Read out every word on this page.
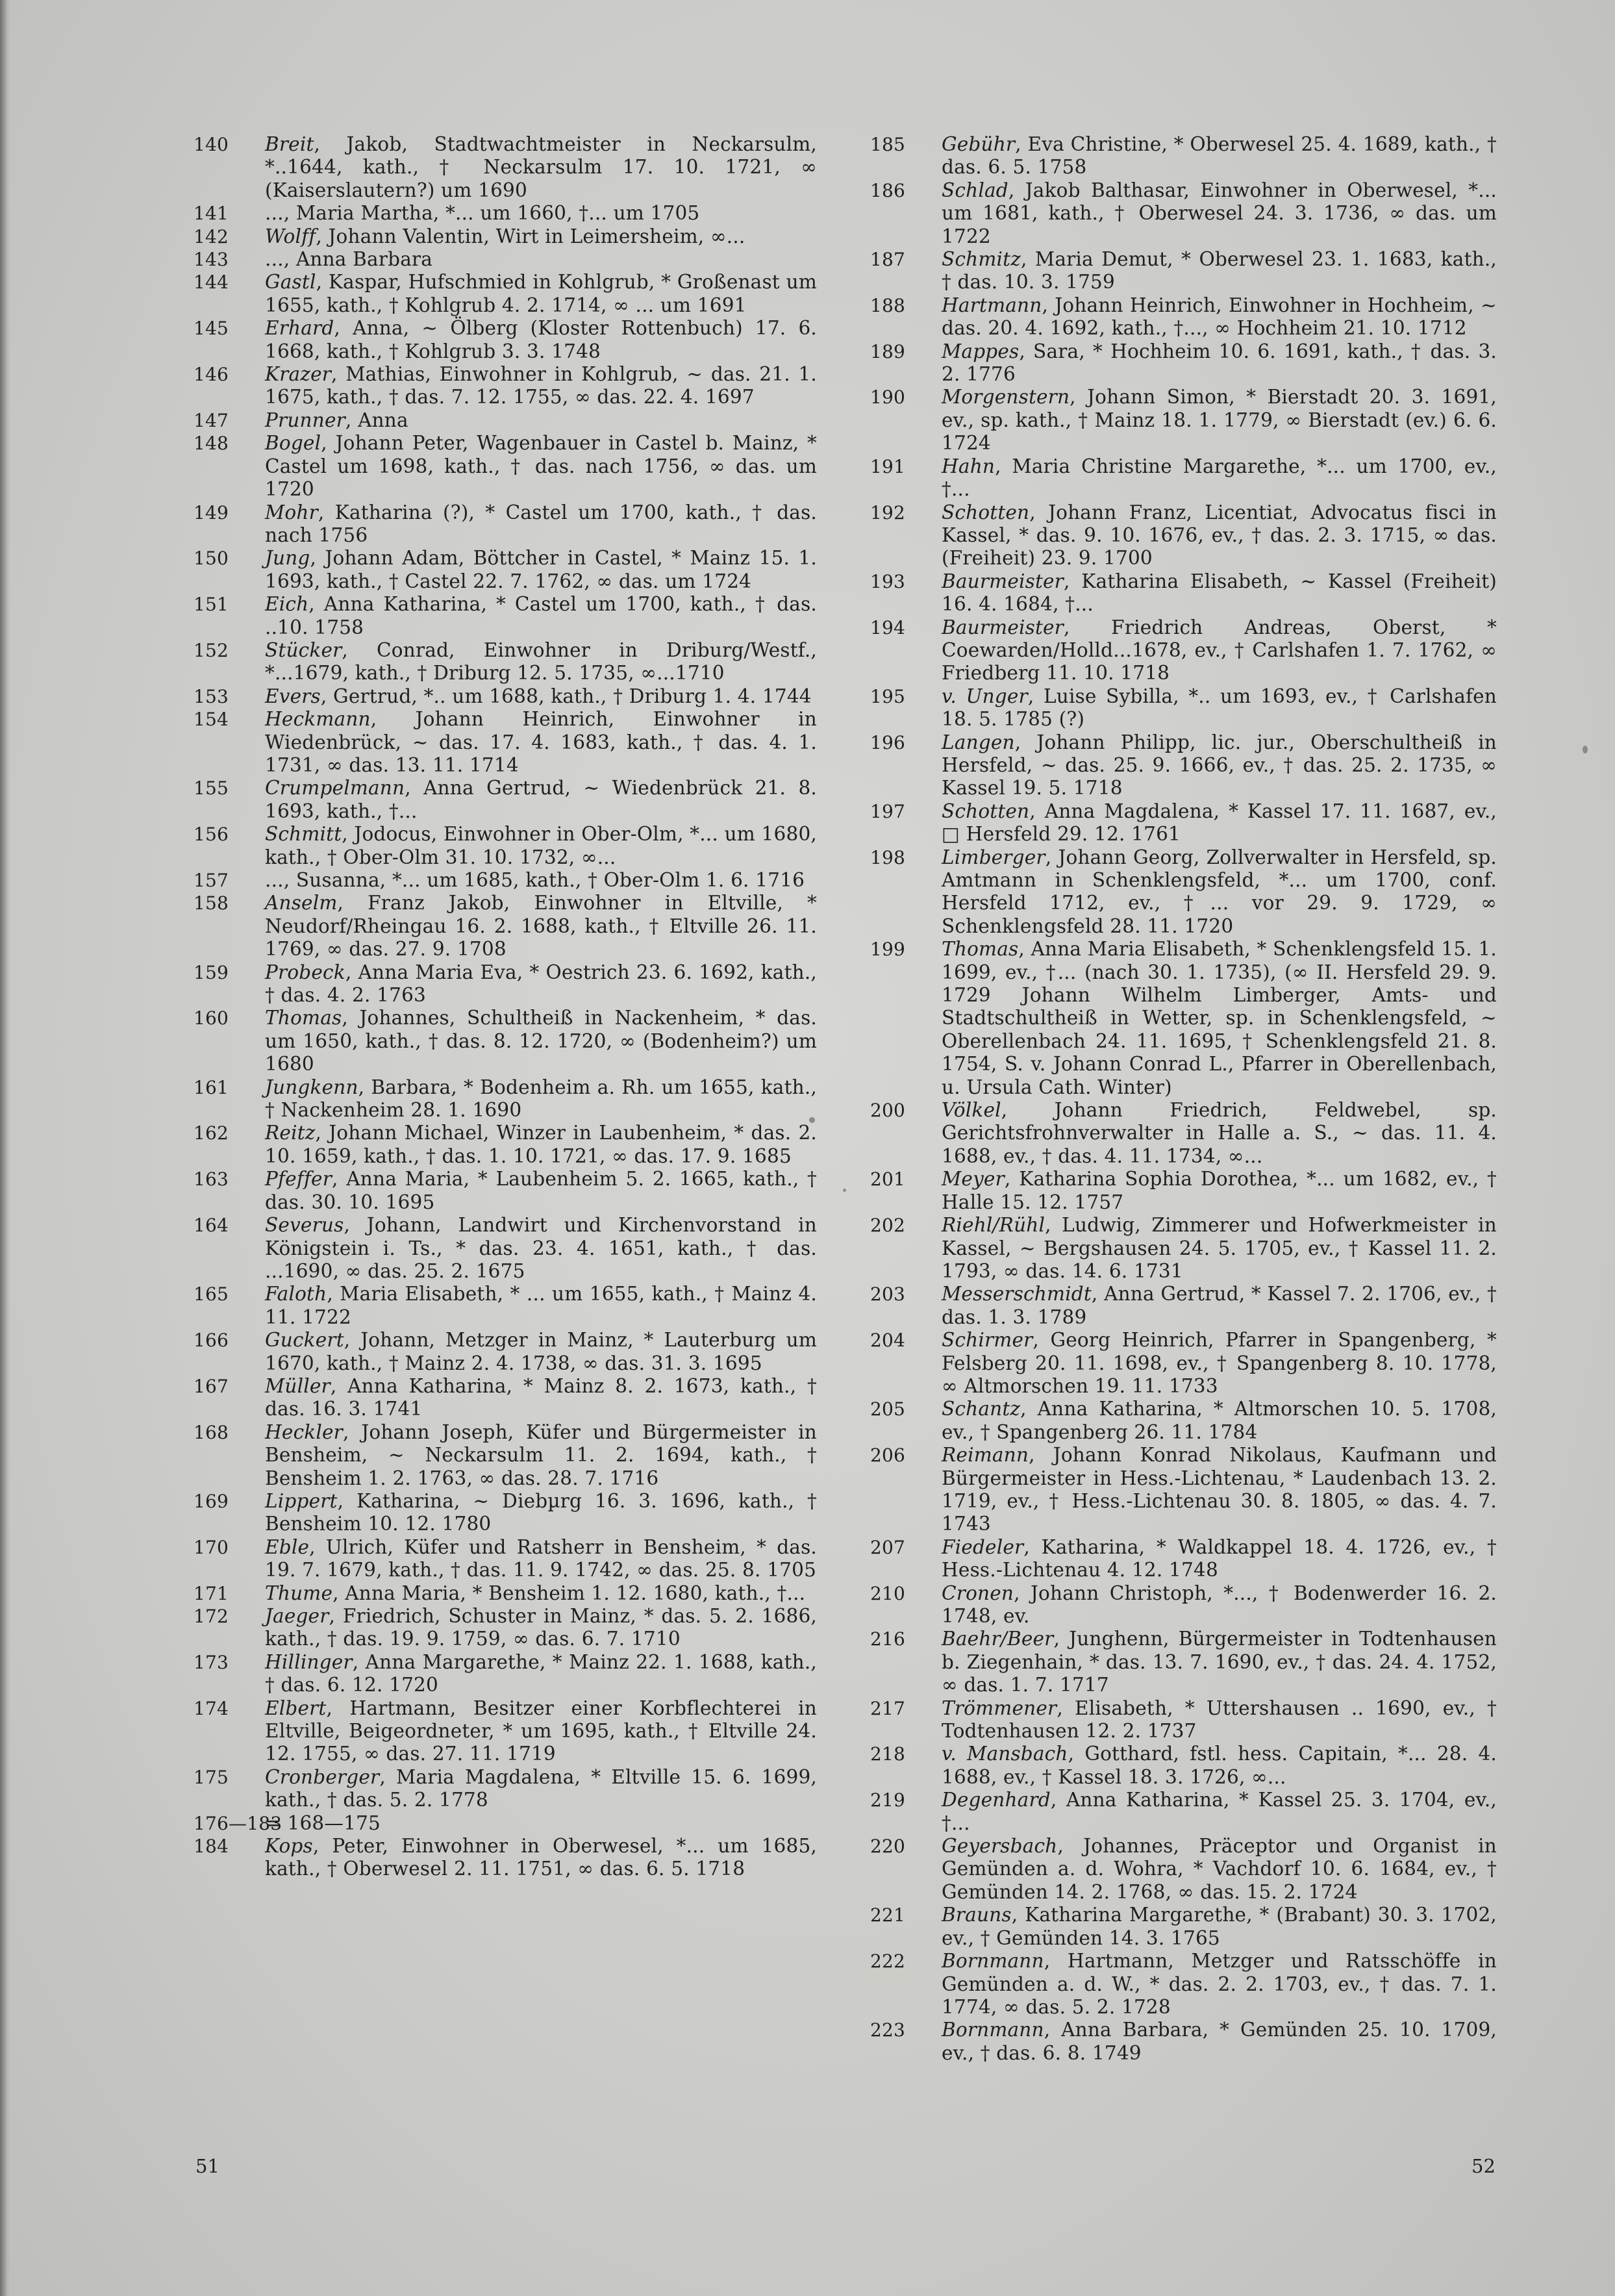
140 Breit, Jakob, Stadtwachtmeister in Neckarsulm, *..1644, kath., † Neckarsulm 17. 10. 1721, ∞ (Kaiserslautern?) um 1690
141 ..., Maria Martha, *... um 1660, †... um 1705
142 Wolff, Johann Valentin, Wirt in Leimersheim, ∞...
143 ..., Anna Barbara
144 Gastl, Kaspar, Hufschmied in Kohlgrub, * Großenast um 1655, kath., † Kohlgrub 4. 2. 1714, ∞ ... um 1691
145 Erhard, Anna, ~ Ölberg (Kloster Rottenbuch) 17. 6. 1668, kath., † Kohlgrub 3. 3. 1748
146 Krazer, Mathias, Einwohner in Kohlgrub, ~ das. 21. 1. 1675, kath., † das. 7. 12. 1755, ∞ das. 22. 4. 1697
147 Prunner, Anna
148 Bogel, Johann Peter, Wagenbauer in Castel b. Mainz, * Castel um 1698, kath., † das. nach 1756, ∞ das. um 1720
149 Mohr, Katharina (?), * Castel um 1700, kath., † das. nach 1756
150 Jung, Johann Adam, Böttcher in Castel, * Mainz 15. 1. 1693, kath., † Castel 22. 7. 1762, ∞ das. um 1724
151 Eich, Anna Katharina, * Castel um 1700, kath., † das. ..10. 1758
152 Stücker, Conrad, Einwohner in Driburg/Westf., *...1679, kath., † Driburg 12. 5. 1735, ∞...1710
153 Evers, Gertrud, *.. um 1688, kath., † Driburg 1. 4. 1744
154 Heckmann, Johann Heinrich, Einwohner in Wiedenbrück, ~ das. 17. 4. 1683, kath., † das. 4. 1. 1731, ∞ das. 13. 11. 1714
155 Crumpelmann, Anna Gertrud, ~ Wiedenbrück 21. 8. 1693, kath., †...
156 Schmitt, Jodocus, Einwohner in Ober-Olm, *... um 1680, kath., † Ober-Olm 31. 10. 1732, ∞...
157 ..., Susanna, *... um 1685, kath., † Ober-Olm 1. 6. 1716
158 Anselm, Franz Jakob, Einwohner in Eltville, * Neudorf/Rheingau 16. 2. 1688, kath., † Eltville 26. 11. 1769, ∞ das. 27. 9. 1708
159 Probeck, Anna Maria Eva, * Oestrich 23. 6. 1692, kath., † das. 4. 2. 1763
160 Thomas, Johannes, Schultheiß in Nackenheim, * das. um 1650, kath., † das. 8. 12. 1720, ∞ (Bodenheim?) um 1680
161 Jungkenn, Barbara, * Bodenheim a. Rh. um 1655, kath., † Nackenheim 28. 1. 1690
162 Reitz, Johann Michael, Winzer in Laubenheim, * das. 2. 10. 1659, kath., † das. 1. 10. 1721, ∞ das. 17. 9. 1685
163 Pfeffer, Anna Maria, * Laubenheim 5. 2. 1665, kath., † das. 30. 10. 1695
164 Severus, Johann, Landwirt und Kirchenvorstand in Königstein i. Ts., * das. 23. 4. 1651, kath., † das. ...1690, ∞ das. 25. 2. 1675
165 Faloth, Maria Elisabeth, * ... um 1655, kath., † Mainz 4. 11. 1722
166 Guckert, Johann, Metzger in Mainz, * Lauterburg um 1670, kath., † Mainz 2. 4. 1738, ∞ das. 31. 3. 1695
167 Müller, Anna Katharina, * Mainz 8. 2. 1673, kath., † das. 16. 3. 1741
168 Heckler, Johann Joseph, Küfer und Bürgermeister in Bensheim, ~ Neckarsulm 11. 2. 1694, kath., † Bensheim 1. 2. 1763, ∞ das. 28. 7. 1716
169 Lippert, Katharina, ~ Diebµrg 16. 3. 1696, kath., † Bensheim 10. 12. 1780
170 Eble, Ulrich, Küfer und Ratsherr in Bensheim, * das. 19. 7. 1679, kath., † das. 11. 9. 1742, ∞ das. 25. 8. 1705
171 Thume, Anna Maria, * Bensheim 1. 12. 1680, kath., †...
172 Jaeger, Friedrich, Schuster in Mainz, * das. 5. 2. 1686, kath., † das. 19. 9. 1759, ∞ das. 6. 7. 1710
173 Hillinger, Anna Margarethe, * Mainz 22. 1. 1688, kath., † das. 6. 12. 1720
174 Elbert, Hartmann, Besitzer einer Korbflechterei in Eltville, Beigeordneter, * um 1695, kath., † Eltville 24. 12. 1755, ∞ das. 27. 11. 1719
175 Cronberger, Maria Magdalena, * Eltville 15. 6. 1699, kath., † das. 5. 2. 1778
176—183
= 168—175
184 Kops, Peter, Einwohner in Oberwesel, *... um 1685, kath., † Oberwesel 2. 11. 1751, ∞ das. 6. 5. 1718
185 Gebühr, Eva Christine, * Oberwesel 25. 4. 1689, kath., † das. 6. 5. 1758
186 Schlad, Jakob Balthasar, Einwohner in Oberwesel, *... um 1681, kath., † Oberwesel 24. 3. 1736, ∞ das. um 1722
187 Schmitz, Maria Demut, * Oberwesel 23. 1. 1683, kath., † das. 10. 3. 1759
188 Hartmann, Johann Heinrich, Einwohner in Hochheim, ~ das. 20. 4. 1692, kath., †..., ∞ Hochheim 21. 10. 1712
189 Mappes, Sara, * Hochheim 10. 6. 1691, kath., † das. 3. 2. 1776
190 Morgenstern, Johann Simon, * Bierstadt 20. 3. 1691, ev., sp. kath., † Mainz 18. 1. 1779, ∞ Bierstadt (ev.) 6. 6. 1724
191 Hahn, Maria Christine Margarethe, *... um 1700, ev., †...
192 Schotten, Johann Franz, Licentiat, Advocatus fisci in Kassel, * das. 9. 10. 1676, ev., † das. 2. 3. 1715, ∞ das. (Freiheit) 23. 9. 1700
193 Baurmeister, Katharina Elisabeth, ~ Kassel (Freiheit) 16. 4. 1684, †...
194 Baurmeister, Friedrich Andreas, Oberst, * Coewarden/Holld...1678, ev., † Carlshafen 1. 7. 1762, ∞ Friedberg 11. 10. 1718
195 v. Unger, Luise Sybilla, *.. um 1693, ev., † Carlshafen 18. 5. 1785 (?)
196 Langen, Johann Philipp, lic. jur., Oberschultheiß in Hersfeld, ~ das. 25. 9. 1666, ev., † das. 25. 2. 1735, ∞ Kassel 19. 5. 1718
197 Schotten, Anna Magdalena, * Kassel 17. 11. 1687, ev., □ Hersfeld 29. 12. 1761
198 Limberger, Johann Georg, Zollverwalter in Hersfeld, sp. Amtmann in Schenklengsfeld, *... um 1700, conf. Hersfeld 1712, ev., †... vor 29. 9. 1729, ∞ Schenklengsfeld 28. 11. 1720
199 Thomas, Anna Maria Elisabeth, * Schenklengsfeld 15. 1. 1699, ev., †... (nach 30. 1. 1735), (∞ II. Hersfeld 29. 9. 1729 Johann Wilhelm Limberger, Amts- und Stadtschultheiß in Wetter, sp. in Schenklengsfeld, ~ Oberellenbach 24. 11. 1695, † Schenklengsfeld 21. 8. 1754, S. v. Johann Conrad L., Pfarrer in Oberellenbach, u. Ursula Cath. Winter)
200 Völkel, Johann Friedrich, Feldwebel, sp. Gerichtsfrohnverwalter in Halle a. S., ~ das. 11. 4. 1688, ev., † das. 4. 11. 1734, ∞...
201 Meyer, Katharina Sophia Dorothea, *... um 1682, ev., † Halle 15. 12. 1757
202 Riehl/Rühl, Ludwig, Zimmerer und Hofwerkmeister in Kassel, ~ Bergshausen 24. 5. 1705, ev., † Kassel 11. 2. 1793, ∞ das. 14. 6. 1731
203 Messerschmidt, Anna Gertrud, * Kassel 7. 2. 1706, ev., † das. 1. 3. 1789
204 Schirmer, Georg Heinrich, Pfarrer in Spangenberg, * Felsberg 20. 11. 1698, ev., † Spangenberg 8. 10. 1778, ∞ Altmorschen 19. 11. 1733
205 Schantz, Anna Katharina, * Altmorschen 10. 5. 1708, ev., † Spangenberg 26. 11. 1784
206 Reimann, Johann Konrad Nikolaus, Kaufmann und Bürgermeister in Hess.-Lichtenau, * Laudenbach 13. 2. 1719, ev., † Hess.-Lichtenau 30. 8. 1805, ∞ das. 4. 7. 1743
207 Fiedeler, Katharina, * Waldkappel 18. 4. 1726, ev., † Hess.-Lichtenau 4. 12. 1748
210 Cronen, Johann Christoph, *..., † Bodenwerder 16. 2. 1748, ev.
216 Baehr/Beer, Junghenn, Bürgermeister in Todtenhausen b. Ziegenhain, * das. 13. 7. 1690, ev., † das. 24. 4. 1752, ∞ das. 1. 7. 1717
217 Trömmener, Elisabeth, * Uttershausen .. 1690, ev., † Todtenhausen 12. 2. 1737
218 v. Mansbach, Gotthard, fstl. hess. Capitain, *... 28. 4. 1688, ev., † Kassel 18. 3. 1726, ∞...
219 Degenhard, Anna Katharina, * Kassel 25. 3. 1704, ev., †...
220 Geyersbach, Johannes, Präceptor und Organist in Gemünden a. d. Wohra, * Vachdorf 10. 6. 1684, ev., † Gemünden 14. 2. 1768, ∞ das. 15. 2. 1724
221 Brauns, Katharina Margarethe, * (Brabant) 30. 3. 1702, ev., † Gemünden 14. 3. 1765
222 Bornmann, Hartmann, Metzger und Ratsschöffe in Gemünden a. d. W., * das. 2. 2. 1703, ev., † das. 7. 1. 1774, ∞ das. 5. 2. 1728
223 Bornmann, Anna Barbara, * Gemünden 25. 10. 1709, ev., † das. 6. 8. 1749
51	52
